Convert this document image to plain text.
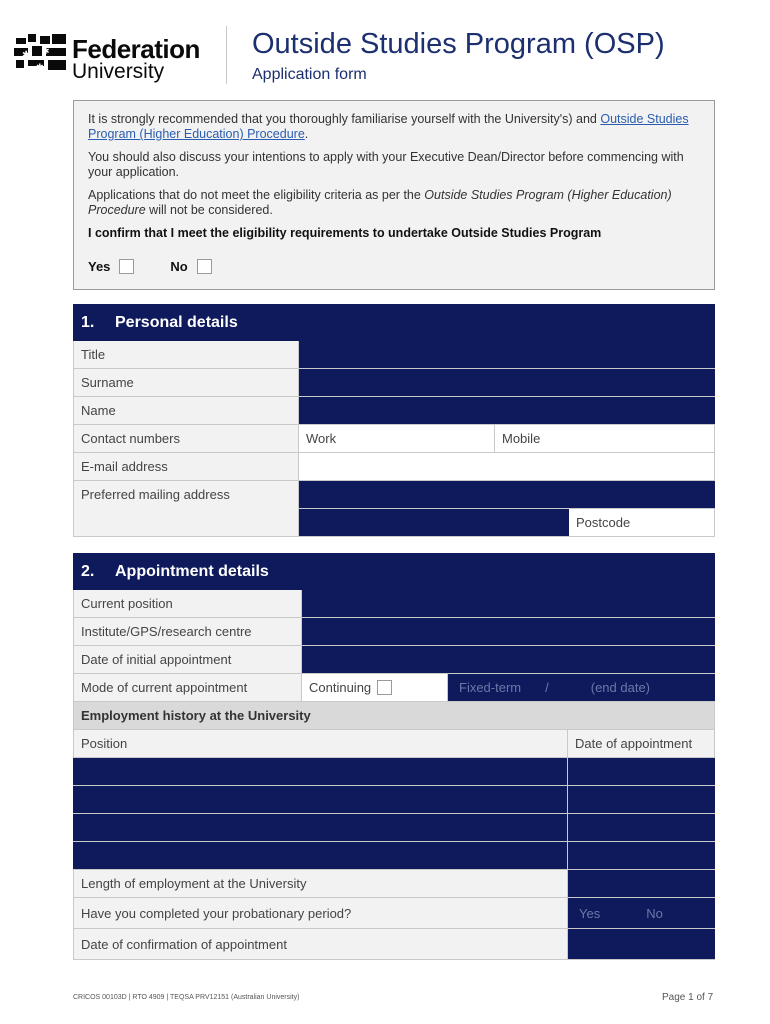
✱ ✱
✱
Federation
University
Outside Studies Program (OSP)
Application form

It is strongly recommended that you thoroughly familiarise yourself with the University's) and Outside Studies Program (Higher Education) Procedure.

You should also discuss your intentions to apply with your Executive Dean/Director before commencing with your application.

Applications that do not meet the eligibility criteria as per the Outside Studies Program (Higher Education) Procedure will not be considered.

I confirm that I meet the eligibility requirements to undertake Outside Studies Program

Yes	No
1. Personal details
Title
Surname
Name
Contact numbers	Work	Mobile
E-mail address
Preferred mailing address
Postcode
2. Appointment details
Current position
Institute/GPS/research centre
Date of initial appointment
Mode of current appointment	Continuing	Fixed-term /	(end date)
Employment history at the University
Position	Date of appointment
Length of employment at the University
Have you completed your probationary period?	Yes	No
Date of confirmation of appointment
CRICOS 00103D | RTO 4909 | TEQSA PRV12151 (Australian University)	Page 1 of 7
